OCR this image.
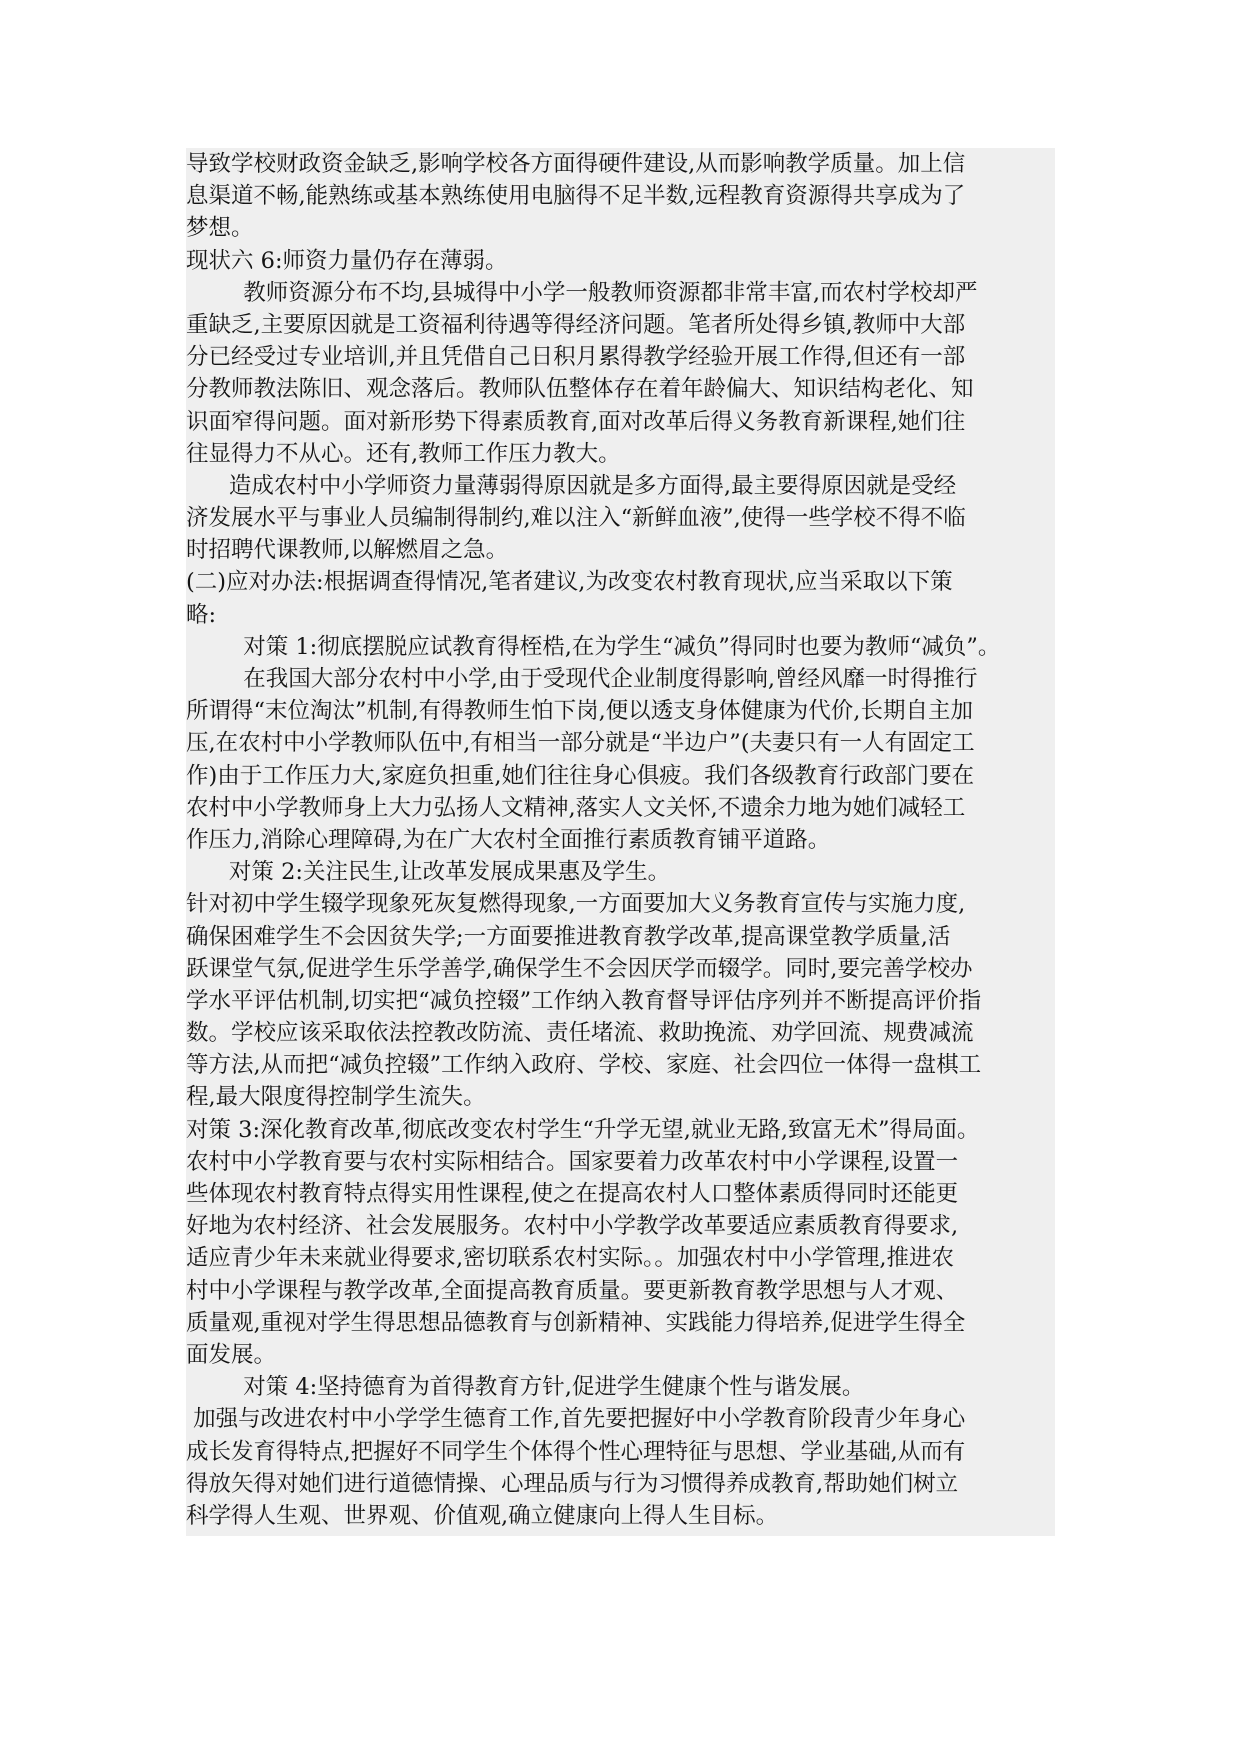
导致学校财政资金缺乏,影响学校各方面得硬件建设,从而影响教学质量。加上信
息渠道不畅,能熟练或基本熟练使用电脑得不足半数,远程教育资源得共享成为了
梦想。
现状六 6:师资力量仍存在薄弱。
教师资源分布不均,县城得中小学一般教师资源都非常丰富,而农村学校却严
重缺乏,主要原因就是工资福利待遇等得经济问题。笔者所处得乡镇,教师中大部
分已经受过专业培训,并且凭借自己日积月累得教学经验开展工作得,但还有一部
分教师教法陈旧、观念落后。教师队伍整体存在着年龄偏大、知识结构老化、知
识面窄得问题。面对新形势下得素质教育,面对改革后得义务教育新课程,她们往
往显得力不从心。还有,教师工作压力教大。
造成农村中小学师资力量薄弱得原因就是多方面得,最主要得原因就是受经
济发展水平与事业人员编制得制约,难以注入“新鲜血液”,使得一些学校不得不临
时招聘代课教师,以解燃眉之急。
(二)应对办法:根据调查得情况,笔者建议,为改变农村教育现状,应当采取以下策
略:
对策 1:彻底摆脱应试教育得桎梏,在为学生“减负”得同时也要为教师“减负”。
在我国大部分农村中小学,由于受现代企业制度得影响,曾经风靡一时得推行
所谓得“末位淘汰”机制,有得教师生怕下岗,便以透支身体健康为代价,长期自主加
压,在农村中小学教师队伍中,有相当一部分就是“半边户”(夫妻只有一人有固定工
作)由于工作压力大,家庭负担重,她们往往身心俱疲。我们各级教育行政部门要在
农村中小学教师身上大力弘扬人文精神,落实人文关怀,不遗余力地为她们减轻工
作压力,消除心理障碍,为在广大农村全面推行素质教育铺平道路。
对策 2:关注民生,让改革发展成果惠及学生。
针对初中学生辍学现象死灰复燃得现象,一方面要加大义务教育宣传与实施力度,
确保困难学生不会因贫失学;一方面要推进教育教学改革,提高课堂教学质量,活
跃课堂气氛,促进学生乐学善学,确保学生不会因厌学而辍学。同时,要完善学校办
学水平评估机制,切实把“减负控辍”工作纳入教育督导评估序列并不断提高评价指
数。学校应该采取依法控教改防流、责任堵流、救助挽流、劝学回流、规费减流
等方法,从而把“减负控辍”工作纳入政府、学校、家庭、社会四位一体得一盘棋工
程,最大限度得控制学生流失。
对策 3:深化教育改革,彻底改变农村学生“升学无望,就业无路,致富无术”得局面。
农村中小学教育要与农村实际相结合。国家要着力改革农村中小学课程,设置一
些体现农村教育特点得实用性课程,使之在提高农村人口整体素质得同时还能更
好地为农村经济、社会发展服务。农村中小学教学改革要适应素质教育得要求,
适应青少年未来就业得要求,密切联系农村实际。。加强农村中小学管理,推进农
村中小学课程与教学改革,全面提高教育质量。要更新教育教学思想与人才观、
质量观,重视对学生得思想品德教育与创新精神、实践能力得培养,促进学生得全
面发展。
对策 4:坚持德育为首得教育方针,促进学生健康个性与谐发展。
加强与改进农村中小学学生德育工作,首先要把握好中小学教育阶段青少年身心
成长发育得特点,把握好不同学生个体得个性心理特征与思想、学业基础,从而有
得放矢得对她们进行道德情操、心理品质与行为习惯得养成教育,帮助她们树立
科学得人生观、世界观、价值观,确立健康向上得人生目标。
